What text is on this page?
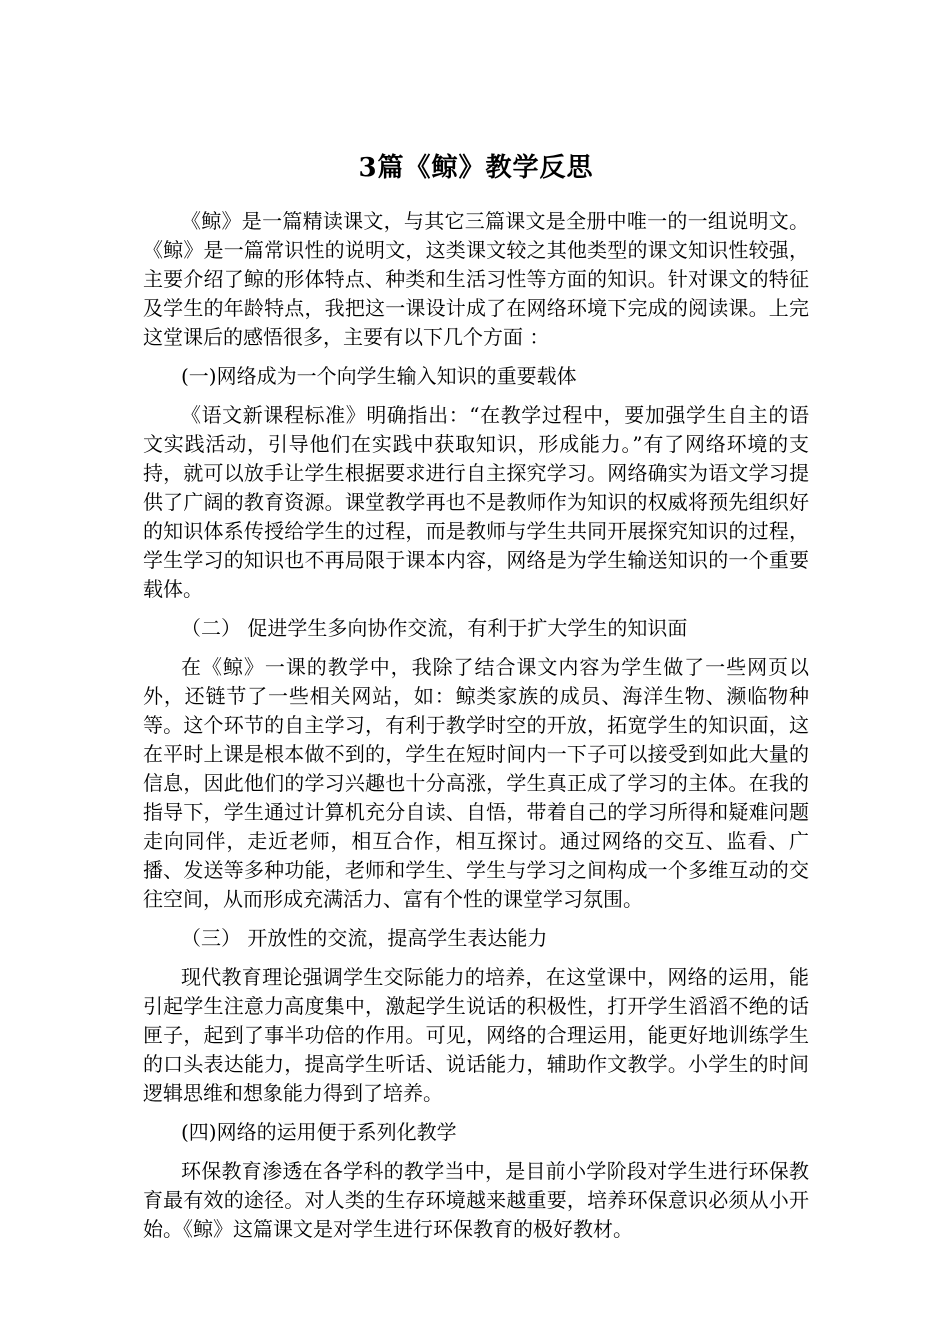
3篇《鲸》教学反思

《鲸》是一篇精读课文，与其它三篇课文是全册中唯一的一组说明文。《鲸》是一篇常识性的说明文，这类课文较之其他类型的课文知识性较强，主要介绍了鲸的形体特点、种类和生活习性等方面的知识。针对课文的特征及学生的年龄特点，我把这一课设计成了在网络环境下完成的阅读课。上完这堂课后的感悟很多，主要有以下几个方面 ：

(一)网络成为一个向学生输入知识的重要载体

《语文新课程标准》明确指出：“在教学过程中，要加强学生自主的语文实践活动，引导他们在实践中获取知识，形成能力。”有了网络环境的支持，就可以放手让学生根据要求进行自主探究学习。网络确实为语文学习提供了广阔的教育资源。课堂教学再也不是教师作为知识的权威将预先组织好的知识体系传授给学生的过程，而是教师与学生共同开展探究知识的过程，学生学习的知识也不再局限于课本内容，网络是为学生输送知识的一个重要载体。

（二） 促进学生多向协作交流，有利于扩大学生的知识面

在《鲸》一课的教学中，我除了结合课文内容为学生做了一些网页以外，还链节了一些相关网站，如：鲸类家族的成员、海洋生物、濒临物种等。这个环节的自主学习，有利于教学时空的开放，拓宽学生的知识面，这在平时上课是根本做不到的，学生在短时间内一下子可以接受到如此大量的信息，因此他们的学习兴趣也十分高涨，学生真正成了学习的主体。在我的指导下，学生通过计算机充分自读、自悟，带着自己的学习所得和疑难问题走向同伴，走近老师，相互合作，相互探讨。通过网络的交互、监看、广播、发送等多种功能，老师和学生、学生与学习之间构成一个多维互动的交往空间，从而形成充满活力、富有个性的课堂学习氛围。

（三） 开放性的交流，提高学生表达能力

现代教育理论强调学生交际能力的培养，在这堂课中，网络的运用，能引起学生注意力高度集中，激起学生说话的积极性，打开学生滔滔不绝的话匣子，起到了事半功倍的作用。可见，网络的合理运用，能更好地训练学生的口头表达能力，提高学生听话、说话能力，辅助作文教学。小学生的时间逻辑思维和想象能力得到了培养。

(四)网络的运用便于系列化教学

环保教育渗透在各学科的教学当中，是目前小学阶段对学生进行环保教育最有效的途径。对人类的生存环境越来越重要，培养环保意识必须从小开始。《鲸》这篇课文是对学生进行环保教育的极好教材。
